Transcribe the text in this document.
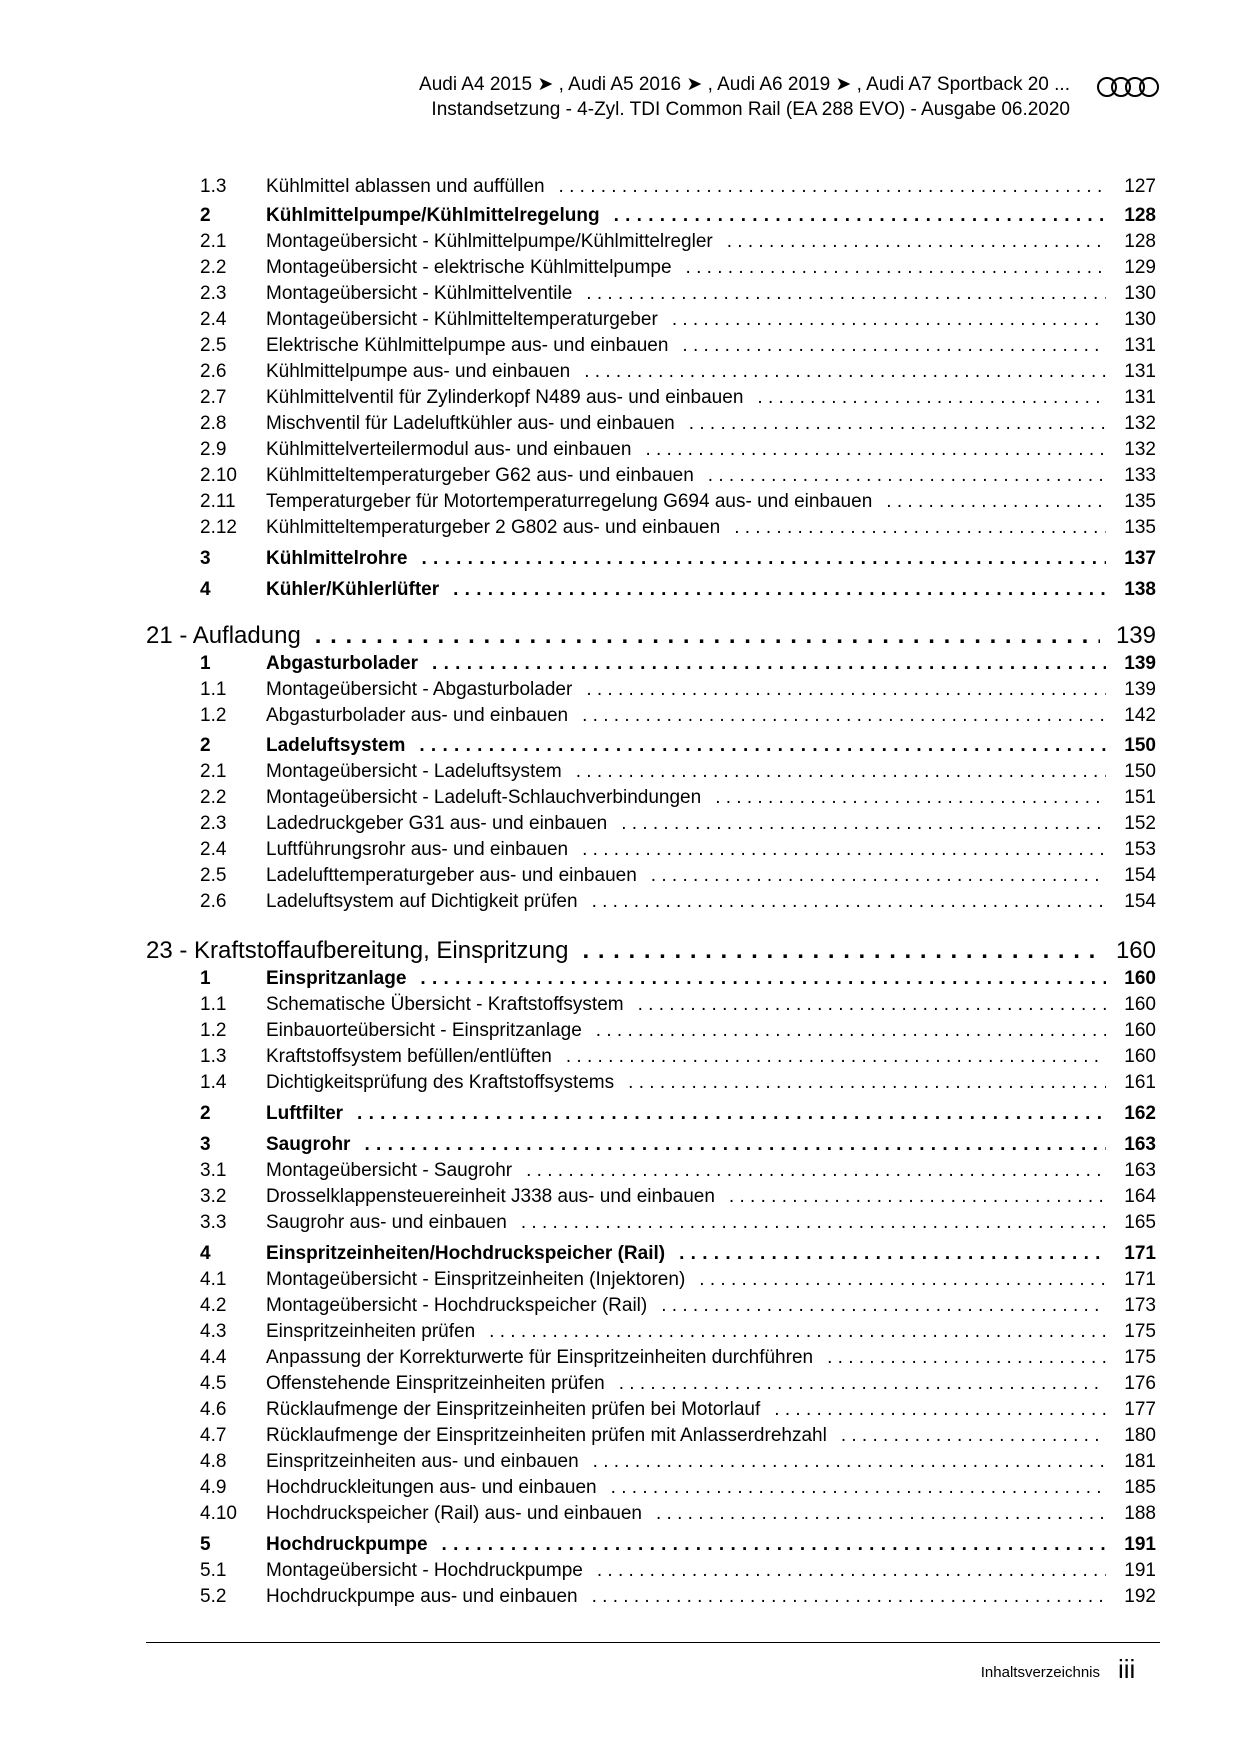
Audi A4 2015 ➤ , Audi A5 2016 ➤ , Audi A6 2019 ➤ , Audi A7 Sportback 20 ...
Instandsetzung - 4-Zyl. TDI Common Rail (EA 288 EVO) - Ausgabe 06.2020
1.3	Kühlmittel ablassen und auffüllen . . .	127
2	Kühlmittelpumpe/Kühlmittelregelung . . .	128
2.1	Montageübersicht - Kühlmittelpumpe/Kühlmittelregler . . .	128
2.2	Montageübersicht - elektrische Kühlmittelpumpe . . .	129
2.3	Montageübersicht - Kühlmittelventile . . .	130
2.4	Montageübersicht - Kühlmitteltemperaturgeber . . .	130
2.5	Elektrische Kühlmittelpumpe aus- und einbauen . . .	131
2.6	Kühlmittelpumpe aus- und einbauen . . .	131
2.7	Kühlmittelventil für Zylinderkopf N489 aus- und einbauen . . .	131
2.8	Mischventil für Ladeluftkühler aus- und einbauen . . .	132
2.9	Kühlmittelverteilermodul aus- und einbauen . . .	132
2.10	Kühlmitteltemperaturgeber G62 aus- und einbauen . . .	133
2.11	Temperaturgeber für Motortemperaturregelung G694 aus- und einbauen . . .	135
2.12	Kühlmitteltemperaturgeber 2 G802 aus- und einbauen . . .	135
3	Kühlmittelrohre . . .	137
4	Kühler/Kühlerlüfter . . .	138
21 - Aufladung . . .	139
1	Abgasturbolader . . .	139
1.1	Montageübersicht - Abgasturbolader . . .	139
1.2	Abgasturbolader aus- und einbauen . . .	142
2	Ladeluftsystem . . .	150
2.1	Montageübersicht - Ladeluftsystem . . .	150
2.2	Montageübersicht - Ladeluft-Schlauchverbindungen . . .	151
2.3	Ladedruckgeber G31 aus- und einbauen . . .	152
2.4	Luftführungsrohr aus- und einbauen . . .	153
2.5	Ladelufttemperaturgeber aus- und einbauen . . .	154
2.6	Ladeluftsystem auf Dichtigkeit prüfen . . .	154
23 - Kraftstoffaufbereitung, Einspritzung . . .	160
1	Einspritzanlage . . .	160
1.1	Schematische Übersicht - Kraftstoffsystem . . .	160
1.2	Einbauorteübersicht - Einspritzanlage . . .	160
1.3	Kraftstoffsystem befüllen/entlüften . . .	160
1.4	Dichtigkeitsprüfung des Kraftstoffsystems . . .	161
2	Luftfilter . . .	162
3	Saugrohr . . .	163
3.1	Montageübersicht - Saugrohr . . .	163
3.2	Drosselklappensteuereinheit J338 aus- und einbauen . . .	164
3.3	Saugrohr aus- und einbauen . . .	165
4	Einspritzeinheiten/Hochdruckspeicher (Rail) . . .	171
4.1	Montageübersicht - Einspritzeinheiten (Injektoren) . . .	171
4.2	Montageübersicht - Hochdruckspeicher (Rail) . . .	173
4.3	Einspritzeinheiten prüfen . . .	175
4.4	Anpassung der Korrekturwerte für Einspritzeinheiten durchführen . . .	175
4.5	Offenstehende Einspritzeinheiten prüfen . . .	176
4.6	Rücklaufmenge der Einspritzeinheiten prüfen bei Motorlauf . . .	177
4.7	Rücklaufmenge der Einspritzeinheiten prüfen mit Anlasserdrehzahl . . .	180
4.8	Einspritzeinheiten aus- und einbauen . . .	181
4.9	Hochdruckleitungen aus- und einbauen . . .	185
4.10	Hochdruckspeicher (Rail) aus- und einbauen . . .	188
5	Hochdruckpumpe . . .	191
5.1	Montageübersicht - Hochdruckpumpe . . .	191
5.2	Hochdruckpumpe aus- und einbauen . . .	192
Inhaltsverzeichnis iii
